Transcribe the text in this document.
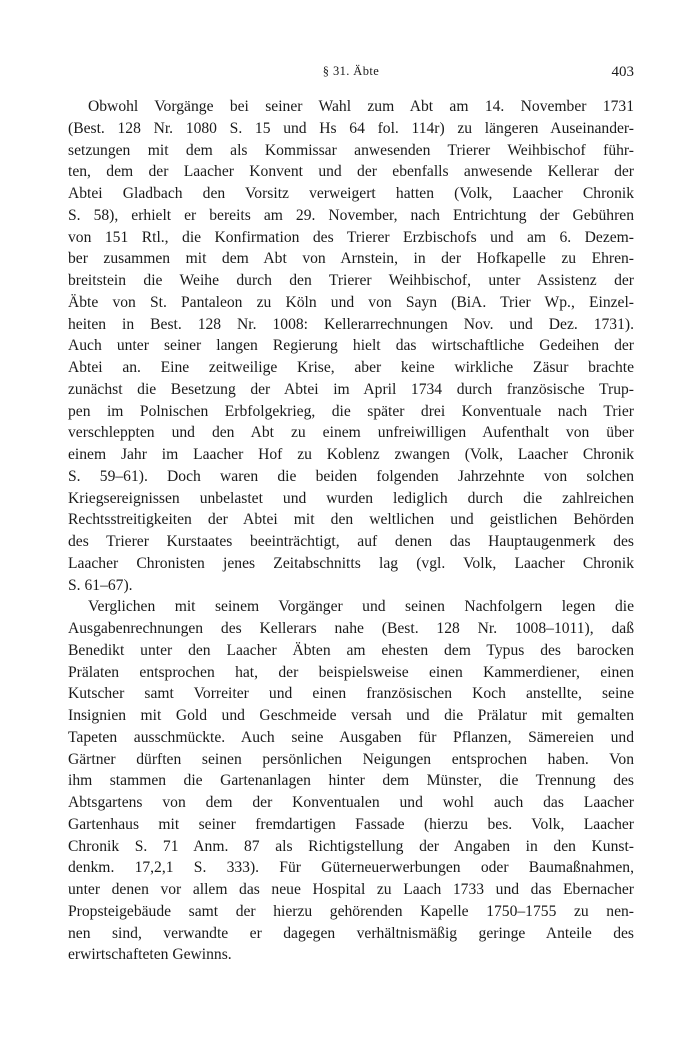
§ 31. Äbte	403
Obwohl Vorgänge bei seiner Wahl zum Abt am 14. November 1731
(Best. 128 Nr. 1080 S. 15 und Hs 64 fol. 114r) zu längeren Auseinander-
setzungen mit dem als Kommissar anwesenden Trierer Weihbischof führ-
ten, dem der Laacher Konvent und der ebenfalls anwesende Kellerar der
Abtei Gladbach den Vorsitz verweigert hatten (Volk, Laacher Chronik
S. 58), erhielt er bereits am 29. November, nach Entrichtung der Gebühren
von 151 Rtl., die Konfirmation des Trierer Erzbischofs und am 6. Dezem-
ber zusammen mit dem Abt von Arnstein, in der Hofkapelle zu Ehren-
breitstein die Weihe durch den Trierer Weihbischof, unter Assistenz der
Äbte von St. Pantaleon zu Köln und von Sayn (BiA. Trier Wp., Einzel-
heiten in Best. 128 Nr. 1008: Kellerarrechnungen Nov. und Dez. 1731).
Auch unter seiner langen Regierung hielt das wirtschaftliche Gedeihen der
Abtei an. Eine zeitweilige Krise, aber keine wirkliche Zäsur brachte
zunächst die Besetzung der Abtei im April 1734 durch französische Trup-
pen im Polnischen Erbfolgekrieg, die später drei Konventuale nach Trier
verschleppten und den Abt zu einem unfreiwilligen Aufenthalt von über
einem Jahr im Laacher Hof zu Koblenz zwangen (Volk, Laacher Chronik
S. 59–61). Doch waren die beiden folgenden Jahrzehnte von solchen
Kriegsereignissen unbelastet und wurden lediglich durch die zahlreichen
Rechtsstreitigkeiten der Abtei mit den weltlichen und geistlichen Behörden
des Trierer Kurstaates beeinträchtigt, auf denen das Hauptaugenmerk des
Laacher Chronisten jenes Zeitabschnitts lag (vgl. Volk, Laacher Chronik
S. 61–67).
Verglichen mit seinem Vorgänger und seinen Nachfolgern legen die
Ausgabenrechnungen des Kellerars nahe (Best. 128 Nr. 1008–1011), daß
Benedikt unter den Laacher Äbten am ehesten dem Typus des barocken
Prälaten entsprochen hat, der beispielsweise einen Kammerdiener, einen
Kutscher samt Vorreiter und einen französischen Koch anstellte, seine
Insignien mit Gold und Geschmeide versah und die Prälatur mit gemalten
Tapeten ausschmückte. Auch seine Ausgaben für Pflanzen, Sämereien und
Gärtner dürften seinen persönlichen Neigungen entsprochen haben. Von
ihm stammen die Gartenanlagen hinter dem Münster, die Trennung des
Abtsgartens von dem der Konventualen und wohl auch das Laacher
Gartenhaus mit seiner fremdartigen Fassade (hierzu bes. Volk, Laacher
Chronik S. 71 Anm. 87 als Richtigstellung der Angaben in den Kunst-
denkm. 17,2,1 S. 333). Für Güterneuerwerbungen oder Baumaßnahmen,
unter denen vor allem das neue Hospital zu Laach 1733 und das Ebernacher
Propsteigebäude samt der hierzu gehörenden Kapelle 1750–1755 zu nen-
nen sind, verwandte er dagegen verhältnismäßig geringe Anteile des
erwirtschafteten Gewinns.
